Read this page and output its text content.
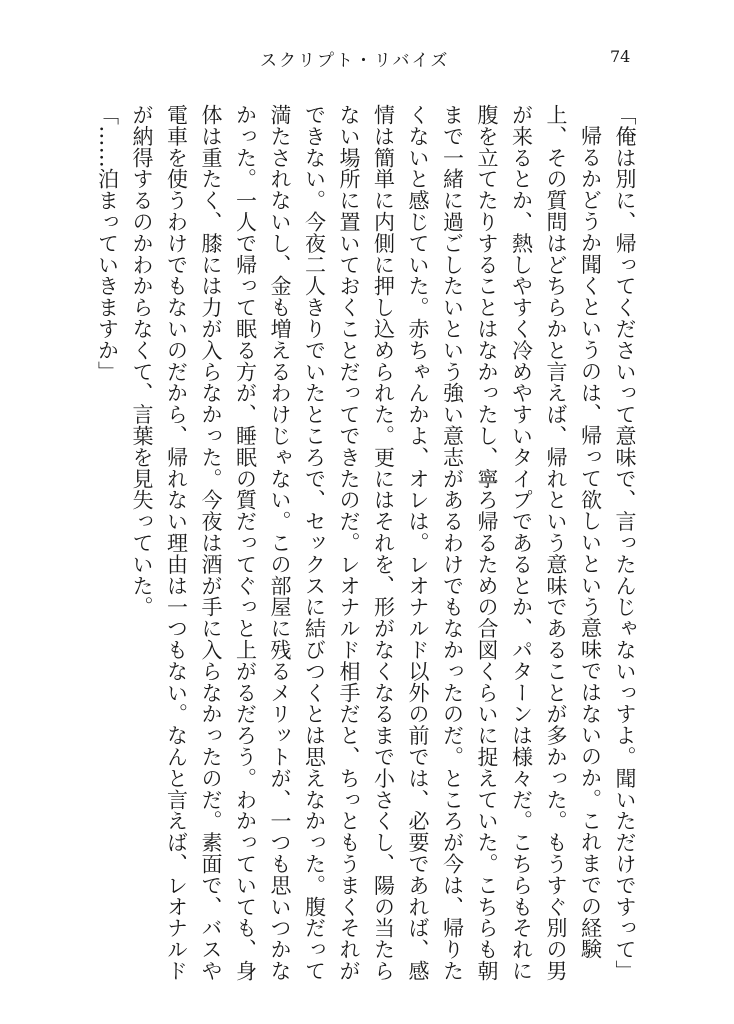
スクリプト・リバイズ	74

「俺は別に、帰ってくださいって意味で、言ったんじゃないっすよ。聞いただけですって」

帰るかどうか聞くというのは、帰って欲しいという意味ではないのか。これまでの経験上、その質問はどちらかと言えば、帰れという意味であることが多かった。もうすぐ別の男が来るとか、熱しやすく冷めやすいタイプであるとか、パターンは様々だ。こちらもそれに腹を立てたりすることはなかったし、寧ろ帰るための合図くらいに捉えていた。こちらも朝まで一緒に過ごしたいという強い意志があるわけでもなかったのだ。ところが今は、帰りたくないと感じていた。赤ちゃんかよ、オレは。レオナルド以外の前では、必要であれば、感情は簡単に内側に押し込められた。更にはそれを、形がなくなるまで小さくし、陽の当たらない場所に置いておくことだってできたのだ。レオナルド相手だと、ちっともうまくそれができない。今夜二人きりでいたところで、セックスに結びつくとは思えなかった。腹だって満たされないし、金も増えるわけじゃない。この部屋に残るメリットが、一つも思いつかなかった。一人で帰って眠る方が、睡眠の質だってぐっと上がるだろう。わかっていても、身体は重たく、膝には力が入らなかった。今夜は酒が手に入らなかったのだ。素面で、バスや電車を使うわけでもないのだから、帰れない理由は一つもない。なんと言えば、レオナルドが納得するのかわからなくて、言葉を見失っていた。

「……泊まっていきますか」
